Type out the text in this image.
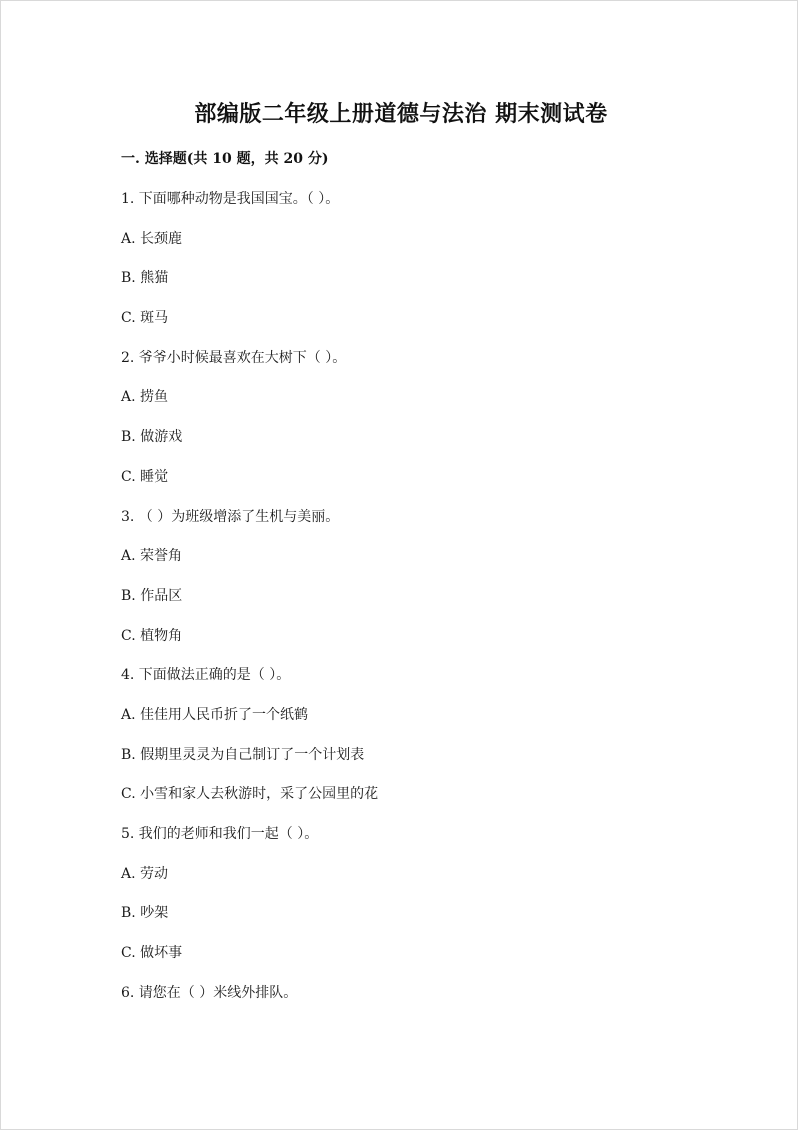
部编版二年级上册道德与法治 期末测试卷
一. 选择题(共 10 题，共 20 分)
1. 下面哪种动物是我国国宝。（ ）。
A. 长颈鹿
B. 熊猫
C. 斑马
2. 爷爷小时候最喜欢在大树下（ ）。
A. 捞鱼
B. 做游戏
C. 睡觉
3. （ ）为班级增添了生机与美丽。
A. 荣誉角
B. 作品区
C. 植物角
4. 下面做法正确的是（ ）。
A. 佳佳用人民币折了一个纸鹤
B. 假期里灵灵为自己制订了一个计划表
C. 小雪和家人去秋游时，采了公园里的花
5. 我们的老师和我们一起（ ）。
A. 劳动
B. 吵架
C. 做坏事
6. 请您在（ ）米线外排队。
